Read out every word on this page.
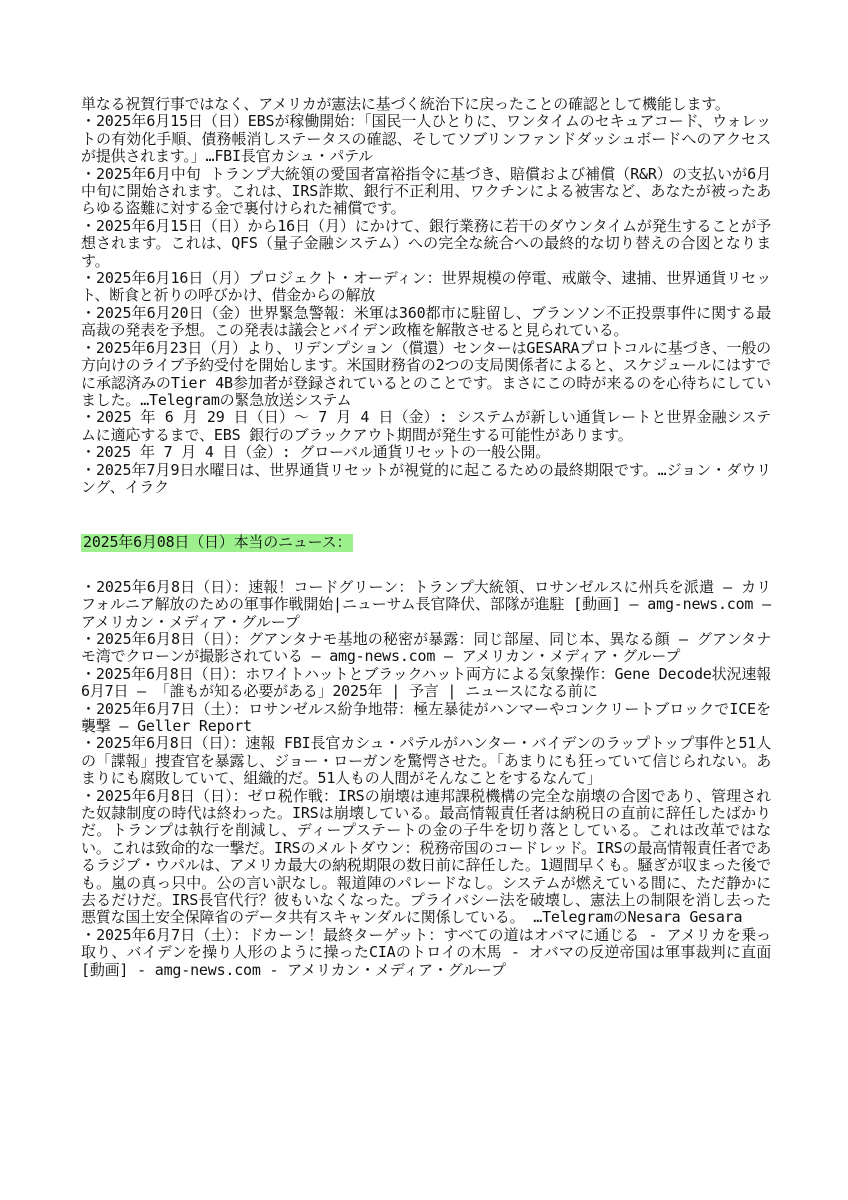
単なる祝賀行事ではなく、アメリカが憲法に基づく統治下に戻ったことの確認として機能します。

・2025年6月15日（日）EBSが稼働開始：「国民一人ひとりに、ワンタイムのセキュアコード、ウォレットの有効化手順、債務帳消しステータスの確認、そしてソブリンファンドダッシュボードへのアクセスが提供されます。」…FBI長官カシュ・パテル

・2025年6月中旬 トランプ大統領の愛国者富裕指令に基づき、賠償および補償（R&R）の支払いが6月中旬に開始されます。これは、IRS詐欺、銀行不正利用、ワクチンによる被害など、あなたが被ったあらゆる盗難に対する金で裏付けられた補償です。

・2025年6月15日（日）から16日（月）にかけて、銀行業務に若干のダウンタイムが発生することが予想されます。これは、QFS（量子金融システム）への完全な統合への最終的な切り替えの合図となります。

・2025年6月16日（月）プロジェクト・オーディン：世界規模の停電、戒厳令、逮捕、世界通貨リセット、断食と祈りの呼びかけ、借金からの解放

・2025年6月20日（金）世界緊急警報：米軍は360都市に駐留し、ブランソン不正投票事件に関する最高裁の発表を予想。この発表は議会とバイデン政権を解散させると見られている。

・2025年6月23日（月）より、リデンプション（償還）センターはGESARAプロトコルに基づき、一般の方向けのライブ予約受付を開始します。米国財務省の2つの支局関係者によると、スケジュールにはすでに承認済みのTier 4B参加者が登録されているとのことです。まさにこの時が来るのを心待ちにしていました。…Telegramの緊急放送システム

・2025 年 6 月 29 日（日）～ 7 月 4 日（金）: システムが新しい通貨レートと世界金融システムに適応するまで、EBS 銀行のブラックアウト期間が発生する可能性があります。

・2025 年 7 月 4 日（金）: グローバル通貨リセットの一般公開。

・2025年7月9日水曜日は、世界通貨リセットが視覚的に起こるための最終期限です。…ジョン・ダウリング、イラク

2025年6月08日（日）本当のニュース：

・2025年6月8日（日）：速報！コードグリーン：トランプ大統領、ロサンゼルスに州兵を派遣 — カリフォルニア解放のための軍事作戦開始|ニューサム長官降伏、部隊が進駐 [動画] — amg-news.com — アメリカン・メディア・グループ

・2025年6月8日（日）：グアンタナモ基地の秘密が暴露：同じ部屋、同じ本、異なる顔 — グアンタナモ湾でクローンが撮影されている — amg-news.com — アメリカン・メディア・グループ

・2025年6月8日（日）：ホワイトハットとブラックハット両方による気象操作：Gene Decode状況速報 6月7日 — 「誰もが知る必要がある」2025年 | 予言 | ニュースになる前に

・2025年6月7日（土）：ロサンゼルス紛争地帯：極左暴徒がハンマーやコンクリートブロックでICEを襲撃 — Geller Report

・2025年6月8日（日）：速報 FBI長官カシュ・パテルがハンター・バイデンのラップトップ事件と51人の「諜報」捜査官を暴露し、ジョー・ローガンを驚愕させた。「あまりにも狂っていて信じられない。あまりにも腐敗していて、組織的だ。51人もの人間がそんなことをするなんて」

・2025年6月8日（日）：ゼロ税作戦：IRSの崩壊は連邦課税機構の完全な崩壊の合図であり、管理された奴隷制度の時代は終わった。IRSは崩壊している。最高情報責任者は納税日の直前に辞任したばかりだ。トランプは執行を削減し、ディープステートの金の子牛を切り落としている。これは改革ではない。これは致命的な一撃だ。IRSのメルトダウン：税務帝国のコードレッド。IRSの最高情報責任者であるラジブ・ウパルは、アメリカ最大の納税期限の数日前に辞任した。1週間早くも。騒ぎが収まった後でも。嵐の真っ只中。公の言い訳なし。報道陣のパレードなし。システムが燃えている間に、ただ静かに去るだけだ。IRS長官代行？彼もいなくなった。プライバシー法を破壊し、憲法上の制限を消し去った悪質な国土安全保障省のデータ共有スキャンダルに関係している。 …TelegramのNesara Gesara

・2025年6月7日（土）：ドカーン！最終ターゲット：すべての道はオバマに通じる - アメリカを乗っ取り、バイデンを操り人形のように操ったCIAのトロイの木馬 - オバマの反逆帝国は軍事裁判に直面 [動画] - amg-news.com - アメリカン・メディア・グループ
